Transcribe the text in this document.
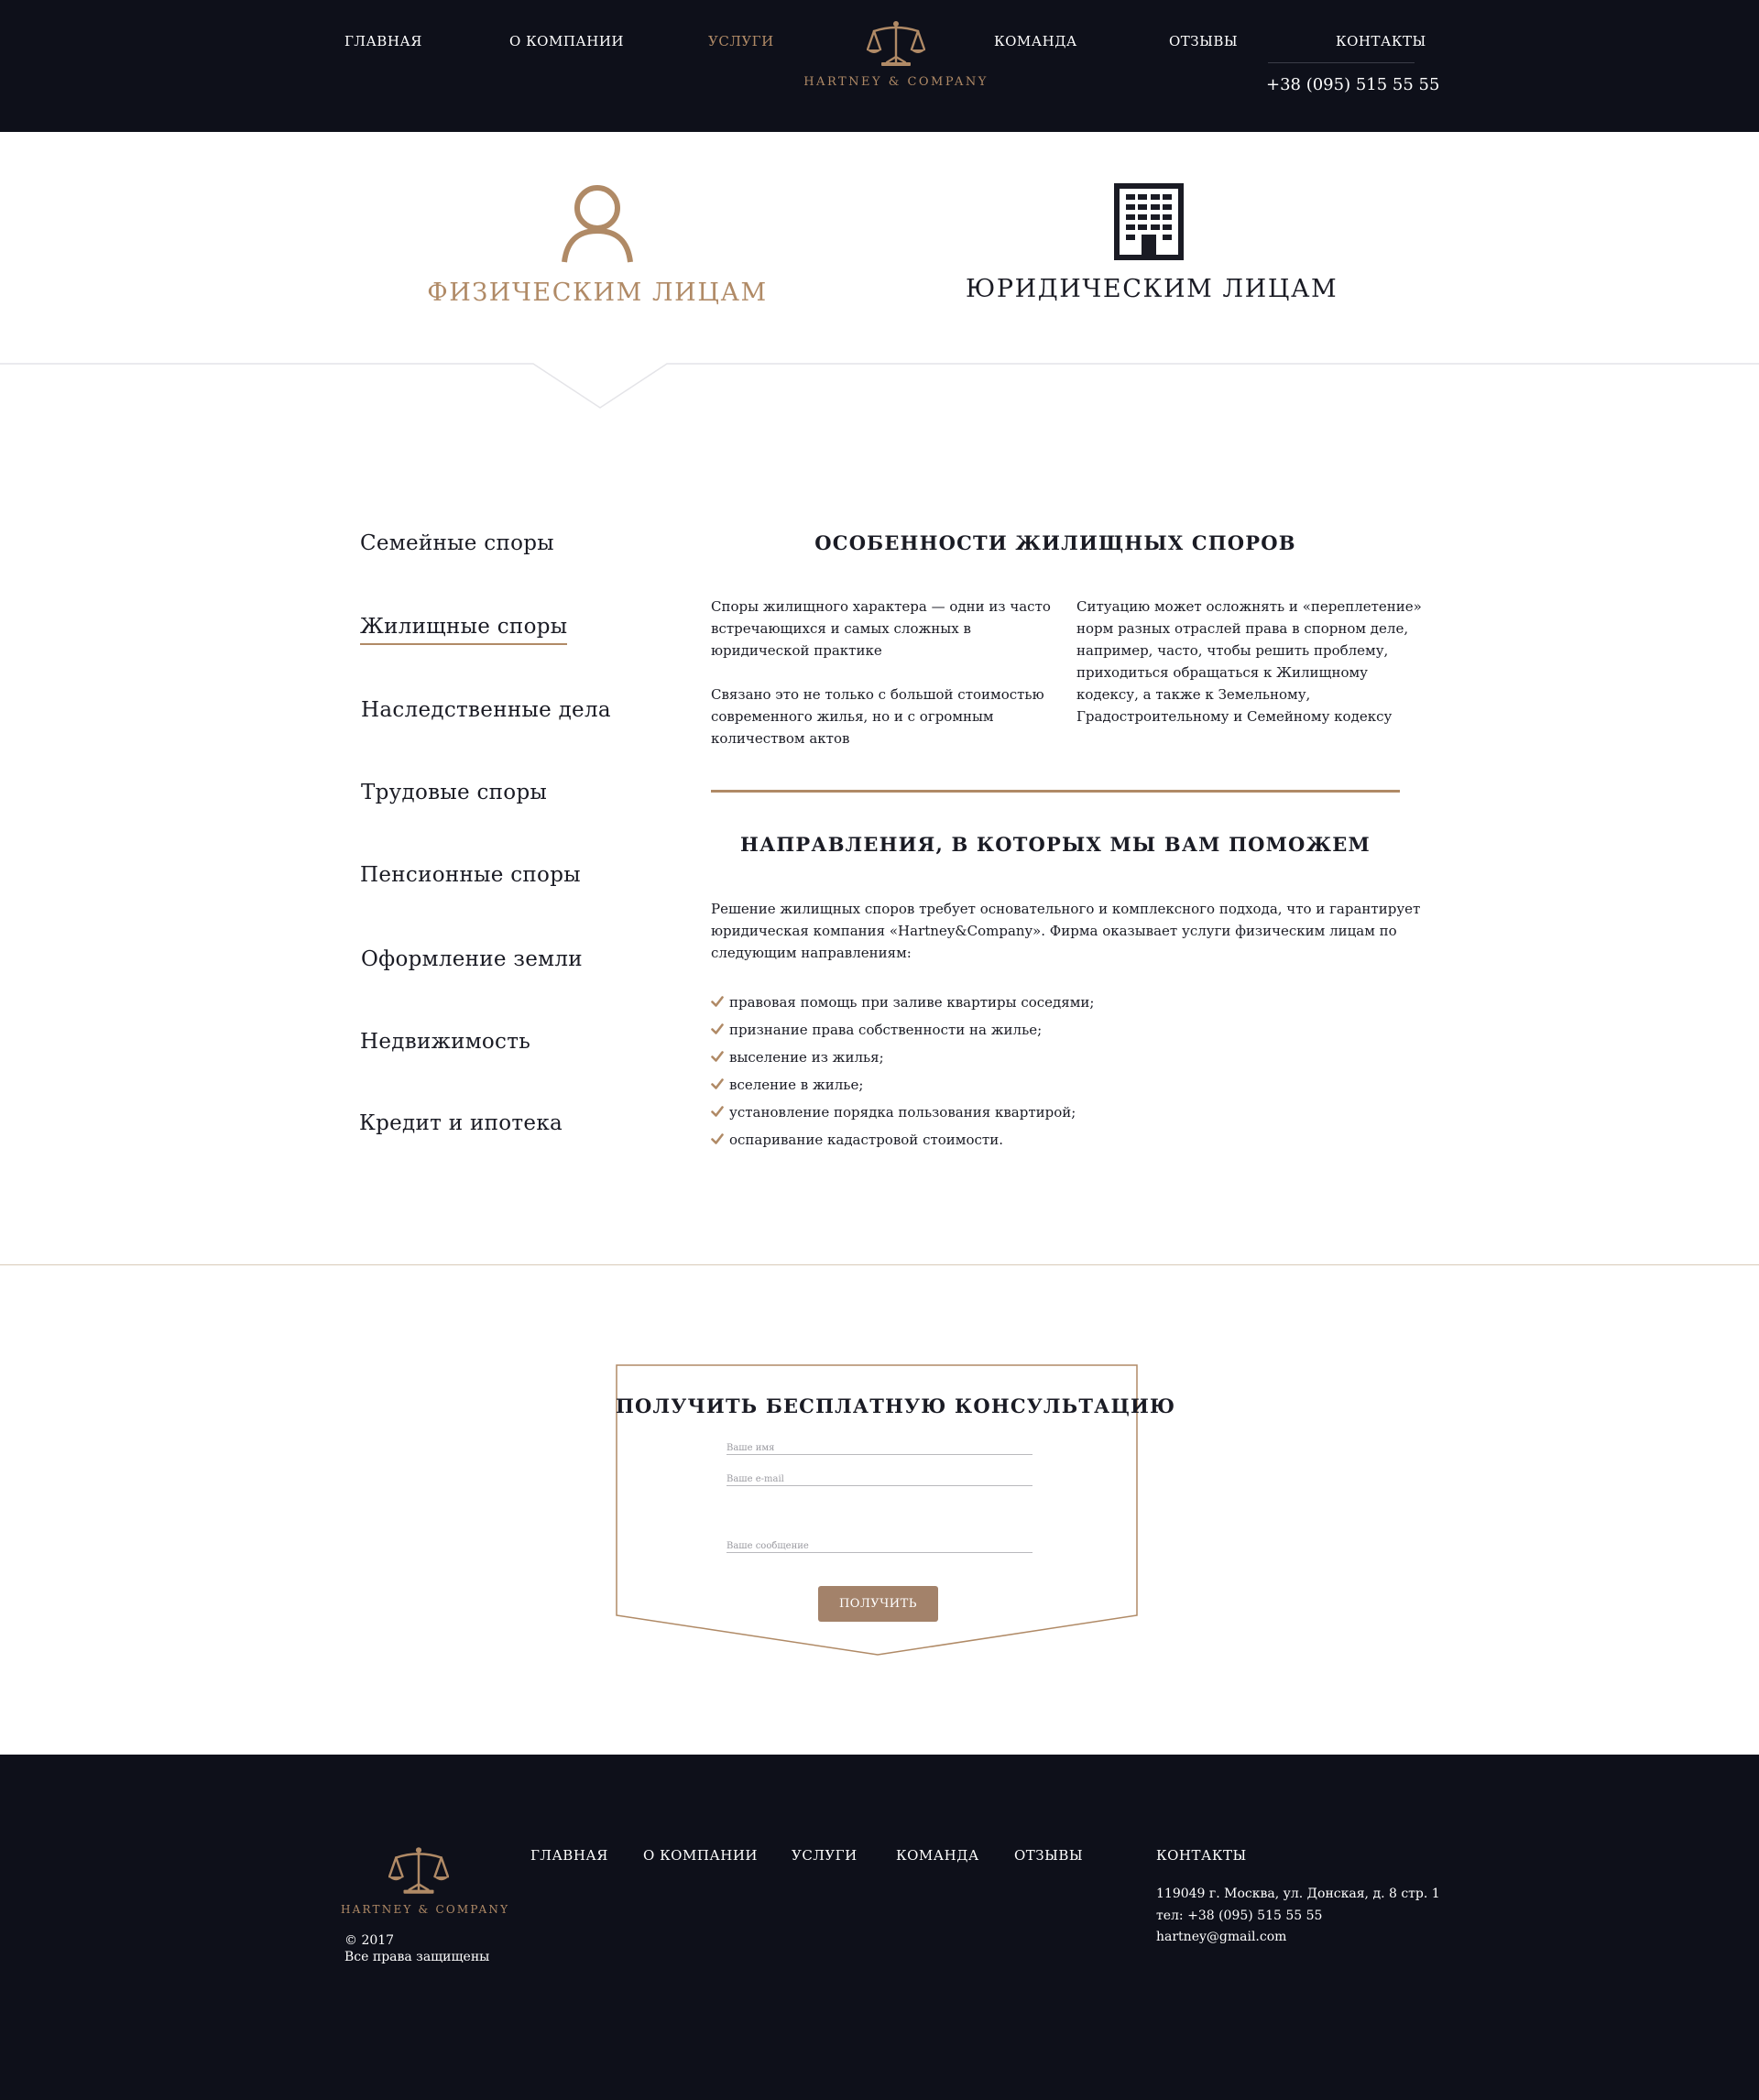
ГЛАВНАЯ	О КОМПАНИИ	УСЛУГИ
HARTNEY & COMPANY
КОМАНДА	ОТЗЫВЫ	КОНТАКТЫ
+38 (095) 515 55 55
ФИЗИЧЕСКИМ ЛИЦАМ	ЮРИДИЧЕСКИМ ЛИЦАМ
Семейные споры
Жилищные споры
Наследственные дела
Трудовые споры
Пенсионные споры
Оформление земли
Недвижимость
Кредит и ипотека
ОСОБЕННОСТИ ЖИЛИЩНЫХ СПОРОВ
Споры жилищного характера — одни из часто
встречающихся и самых сложных в
юридической практике
Связано это не только с большой стоимостью
современного жилья, но и с огромным
количеством актов
Ситуацию может осложнять и «переплетение»
норм разных отраслей права в спорном деле,
например, часто, чтобы решить проблему,
приходиться обращаться к Жилищному
кодексу, а также к Земельному,
Градостроительному и Семейному кодексу
НАПРАВЛЕНИЯ, В КОТОРЫХ МЫ ВАМ ПОМОЖЕМ
Решение жилищных споров требует основательного и комплексного подхода, что и гарантирует
юридическая компания «Hartney&Company». Фирма оказывает услуги физическим лицам по
следующим направлениям:
правовая помощь при заливе квартиры соседями;
признание права собственности на жилье;
выселение из жилья;
вселение в жилье;
установление порядка пользования квартирой;
оспаривание кадастровой стоимости.
ПОЛУЧИТЬ БЕСПЛАТНУЮ КОНСУЛЬТАЦИЮ
Ваше имя
Ваше e-mail
Ваше сообщение
ПОЛУЧИТЬ
HARTNEY & COMPANY
© 2017
Все права защищены
ГЛАВНАЯ	О КОМПАНИИ УСЛУГИ	КОМАНДА	ОТЗЫВЫ	КОНТАКТЫ
119049 г. Москва, ул. Донская, д. 8 стр. 1
тел: +38 (095) 515 55 55
hartney@gmail.com
